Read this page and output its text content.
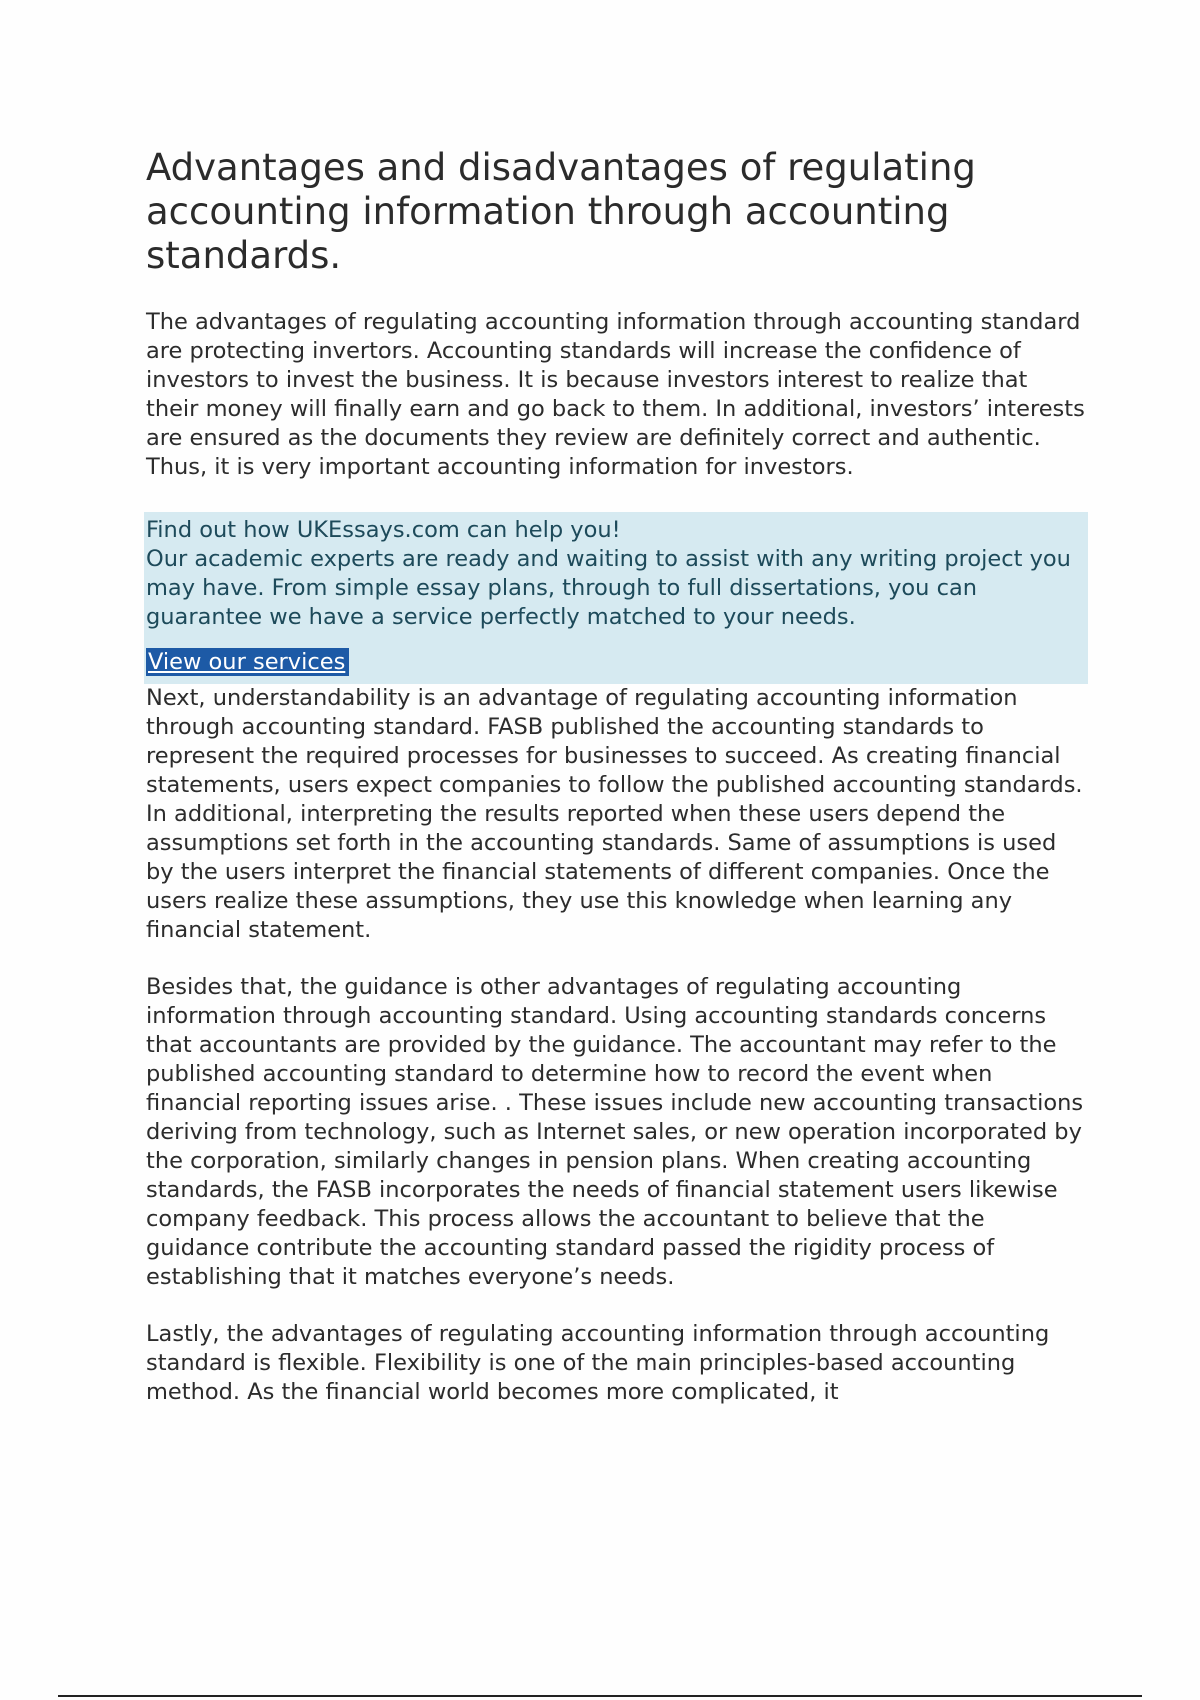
Advantages and disadvantages of regulating accounting information through accounting standards.

The advantages of regulating accounting information through accounting standard are protecting invertors. Accounting standards will increase the confidence of investors to invest the business. It is because investors interest to realize that their money will finally earn and go back to them. In additional, investors’ interests are ensured as the documents they review are definitely correct and authentic. Thus, it is very important accounting information for investors.

Find out how UKEssays.com can help you!
Our academic experts are ready and waiting to assist with any writing project you may have. From simple essay plans, through to full dissertations, you can guarantee we have a service perfectly matched to your needs.
View our services

Next, understandability is an advantage of regulating accounting information through accounting standard. FASB published the accounting standards to represent the required processes for businesses to succeed. As creating financial statements, users expect companies to follow the published accounting standards. In additional, interpreting the results reported when these users depend the assumptions set forth in the accounting standards. Same of assumptions is used by the users interpret the financial statements of different companies. Once the users realize these assumptions, they use this knowledge when learning any financial statement.

Besides that, the guidance is other advantages of regulating accounting information through accounting standard. Using accounting standards concerns that accountants are provided by the guidance. The accountant may refer to the published accounting standard to determine how to record the event when financial reporting issues arise. . These issues include new accounting transactions deriving from technology, such as Internet sales, or new operation incorporated by the corporation, similarly changes in pension plans. When creating accounting standards, the FASB incorporates the needs of financial statement users likewise company feedback. This process allows the accountant to believe that the guidance contribute the accounting standard passed the rigidity process of establishing that it matches everyone’s needs.

Lastly, the advantages of regulating accounting information through accounting standard is flexible. Flexibility is one of the main principles-based accounting method. As the financial world becomes more complicated, it
